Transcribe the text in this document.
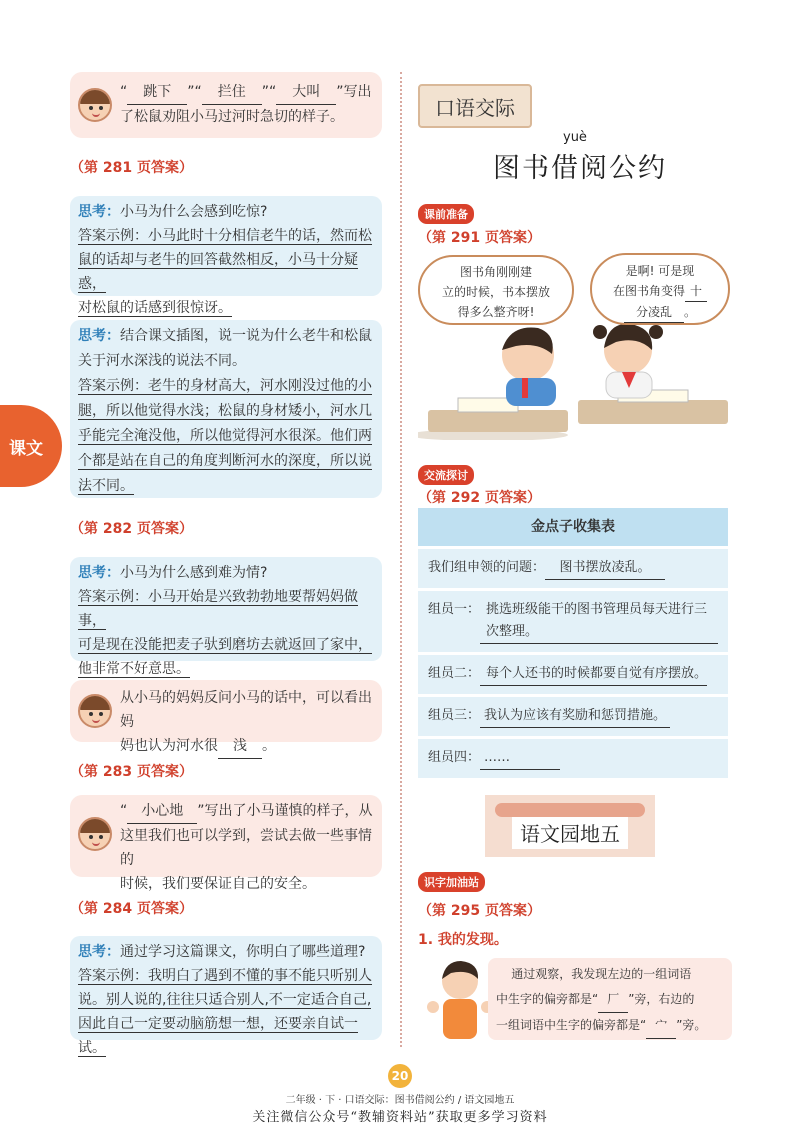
“ 跳下 ”“ 拦住 ”“ 大叫 ”写出
了松鼠劝阻小马过河时急切的样子。
（第 281 页答案）
思考：小马为什么会感到吃惊?
答案示例：小马此时十分相信老牛的话，然而松
鼠的话却与老牛的回答截然相反，小马十分疑惑，
对松鼠的话感到很惊讶。
思考：结合课文插图，说一说为什么老牛和松鼠
关于河水深浅的说法不同。
答案示例：老牛的身材高大，河水刚没过他的小
腿，所以他觉得水浅；松鼠的身材矮小，河水几
乎能完全淹没他，所以他觉得河水很深。他们两
个都是站在自己的角度判断河水的深度，所以说
法不同。
课文
（第 282 页答案）
思考：小马为什么感到难为情?
答案示例：小马开始是兴致勃勃地要帮妈妈做事，
可是现在没能把麦子驮到磨坊去就返回了家中，
他非常不好意思。
从小马的妈妈反问小马的话中，可以看出妈
妈也认为河水很 浅 。
（第 283 页答案）
“ 小心地 ”写出了小马谨慎的样子，从
这里我们也可以学到，尝试去做一些事情的
时候，我们要保证自己的安全。
（第 284 页答案）
思考：通过学习这篇课文，你明白了哪些道理?
答案示例：我明白了遇到不懂的事不能只听别人
说。别人说的,往往只适合别人,不一定适合自己,
因此自己一定要动脑筋想一想，还要亲自试一试。
口语交际
yuè
图书借阅公约
课前准备
（第 291 页答案）
图书角刚刚建
立的时候，书本摆放
得多么整齐呀!
是啊! 可是现
在图书角变得 十
分凌乱 。
交流探讨
（第 292 页答案）
金点子收集表
我们组申领的问题： 图书摆放凌乱。
组员一： 挑选班级能干的图书管理员每天进行三次整理。
组员二： 每个人还书的时候都要自觉有序摆放。
组员三： 我认为应该有奖励和惩罚措施。
组员四： ……
语文园地五
识字加油站
（第 295 页答案）
1. 我的发现。
通过观察，我发现左边的一组词语
中生字的偏旁都是“ 厂 ”旁，右边的
一组词语中生字的偏旁都是“ 宀 ”旁。
20
二年级 · 下 · 口语交际：图书借阅公约 / 语文园地五
关注微信公众号“教辅资料站”获取更多学习资料
